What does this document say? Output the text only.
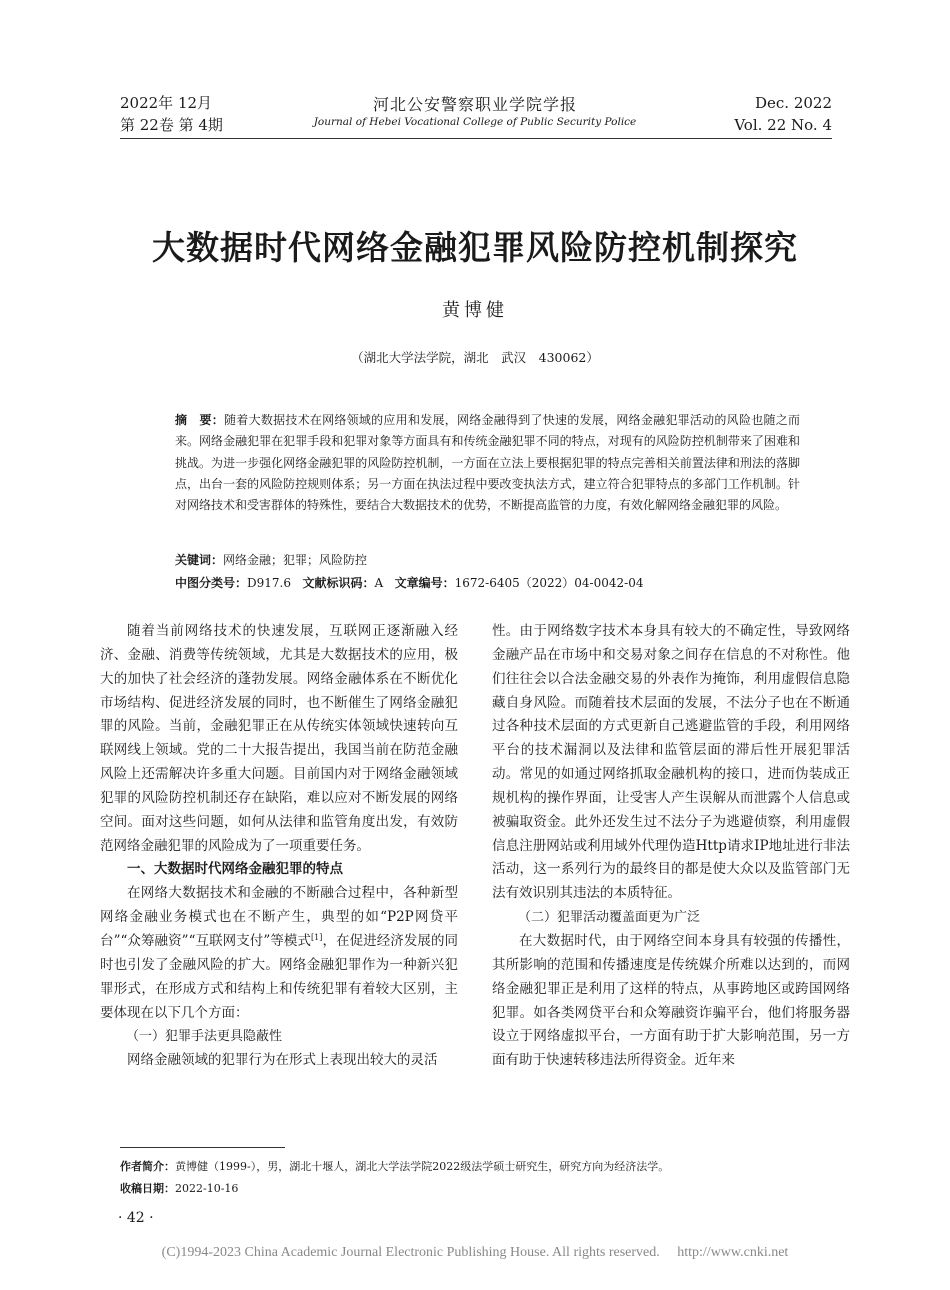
2022年 12月
第 22卷 第 4期
河北公安警察职业学院学报
Journal of Hebei Vocational College of Public Security Police
Dec. 2022
Vol. 22 No. 4
大数据时代网络金融犯罪风险防控机制探究
黄博健
（湖北大学法学院，湖北　武汉　430062）
摘　要：随着大数据技术在网络领域的应用和发展，网络金融得到了快速的发展，网络金融犯罪活动的风险也随之而来。网络金融犯罪在犯罪手段和犯罪对象等方面具有和传统金融犯罪不同的特点，对现有的风险防控机制带来了困难和挑战。为进一步强化网络金融犯罪的风险防控机制，一方面在立法上要根据犯罪的特点完善相关前置法律和刑法的落脚点，出台一套的风险防控规则体系；另一方面在执法过程中要改变执法方式，建立符合犯罪特点的多部门工作机制。针对网络技术和受害群体的特殊性，要结合大数据技术的优势，不断提高监管的力度，有效化解网络金融犯罪的风险。
关键词：网络金融；犯罪；风险防控
中图分类号：D917.6 文献标识码：A 文章编号：1672-6405（2022）04-0042-04

随着当前网络技术的快速发展，互联网正逐渐融入经济、金融、消费等传统领域，尤其是大数据技术的应用，极大的加快了社会经济的蓬勃发展。网络金融体系在不断优化市场结构、促进经济发展的同时，也不断催生了网络金融犯罪的风险。当前，金融犯罪正在从传统实体领域快速转向互联网线上领域。党的二十大报告提出，我国当前在防范金融风险上还需解决许多重大问题。目前国内对于网络金融领域犯罪的风险防控机制还存在缺陷，难以应对不断发展的网络空间。面对这些问题，如何从法律和监管角度出发，有效防范网络金融犯罪的风险成为了一项重要任务。

一、大数据时代网络金融犯罪的特点

在网络大数据技术和金融的不断融合过程中，各种新型网络金融业务模式也在不断产生，典型的如“P2P网贷平台”“众筹融资”“互联网支付”等模式[1]，在促进经济发展的同时也引发了金融风险的扩大。网络金融犯罪作为一种新兴犯罪形式，在形成方式和结构上和传统犯罪有着较大区别，主要体现在以下几个方面：

（一）犯罪手法更具隐蔽性

网络金融领域的犯罪行为在形式上表现出较大的灵活

性。由于网络数字技术本身具有较大的不确定性，导致网络金融产品在市场中和交易对象之间存在信息的不对称性。他们往往会以合法金融交易的外表作为掩饰，利用虚假信息隐藏自身风险。而随着技术层面的发展，不法分子也在不断通过各种技术层面的方式更新自己逃避监管的手段，利用网络平台的技术漏洞以及法律和监管层面的滞后性开展犯罪活动。常见的如通过网络抓取金融机构的接口，进而伪装成正规机构的操作界面，让受害人产生误解从而泄露个人信息或被骗取资金。此外还发生过不法分子为逃避侦察，利用虚假信息注册网站或利用域外代理伪造Http请求IP地址进行非法活动，这一系列行为的最终目的都是使大众以及监管部门无法有效识别其违法的本质特征。

（二）犯罪活动覆盖面更为广泛

在大数据时代，由于网络空间本身具有较强的传播性，其所影响的范围和传播速度是传统媒介所难以达到的，而网络金融犯罪正是利用了这样的特点，从事跨地区或跨国网络犯罪。如各类网贷平台和众筹融资诈骗平台，他们将服务器设立于网络虚拟平台，一方面有助于扩大影响范围，另一方面有助于快速转移违法所得资金。近年来

作者简介：黄博健（1999-），男，湖北十堰人，湖北大学法学院2022级法学硕士研究生，研究方向为经济法学。
收稿日期：2022-10-16
· 42 ·
(C)1994-2023 China Academic Journal Electronic Publishing House. All rights reserved.　 http://www.cnki.net
